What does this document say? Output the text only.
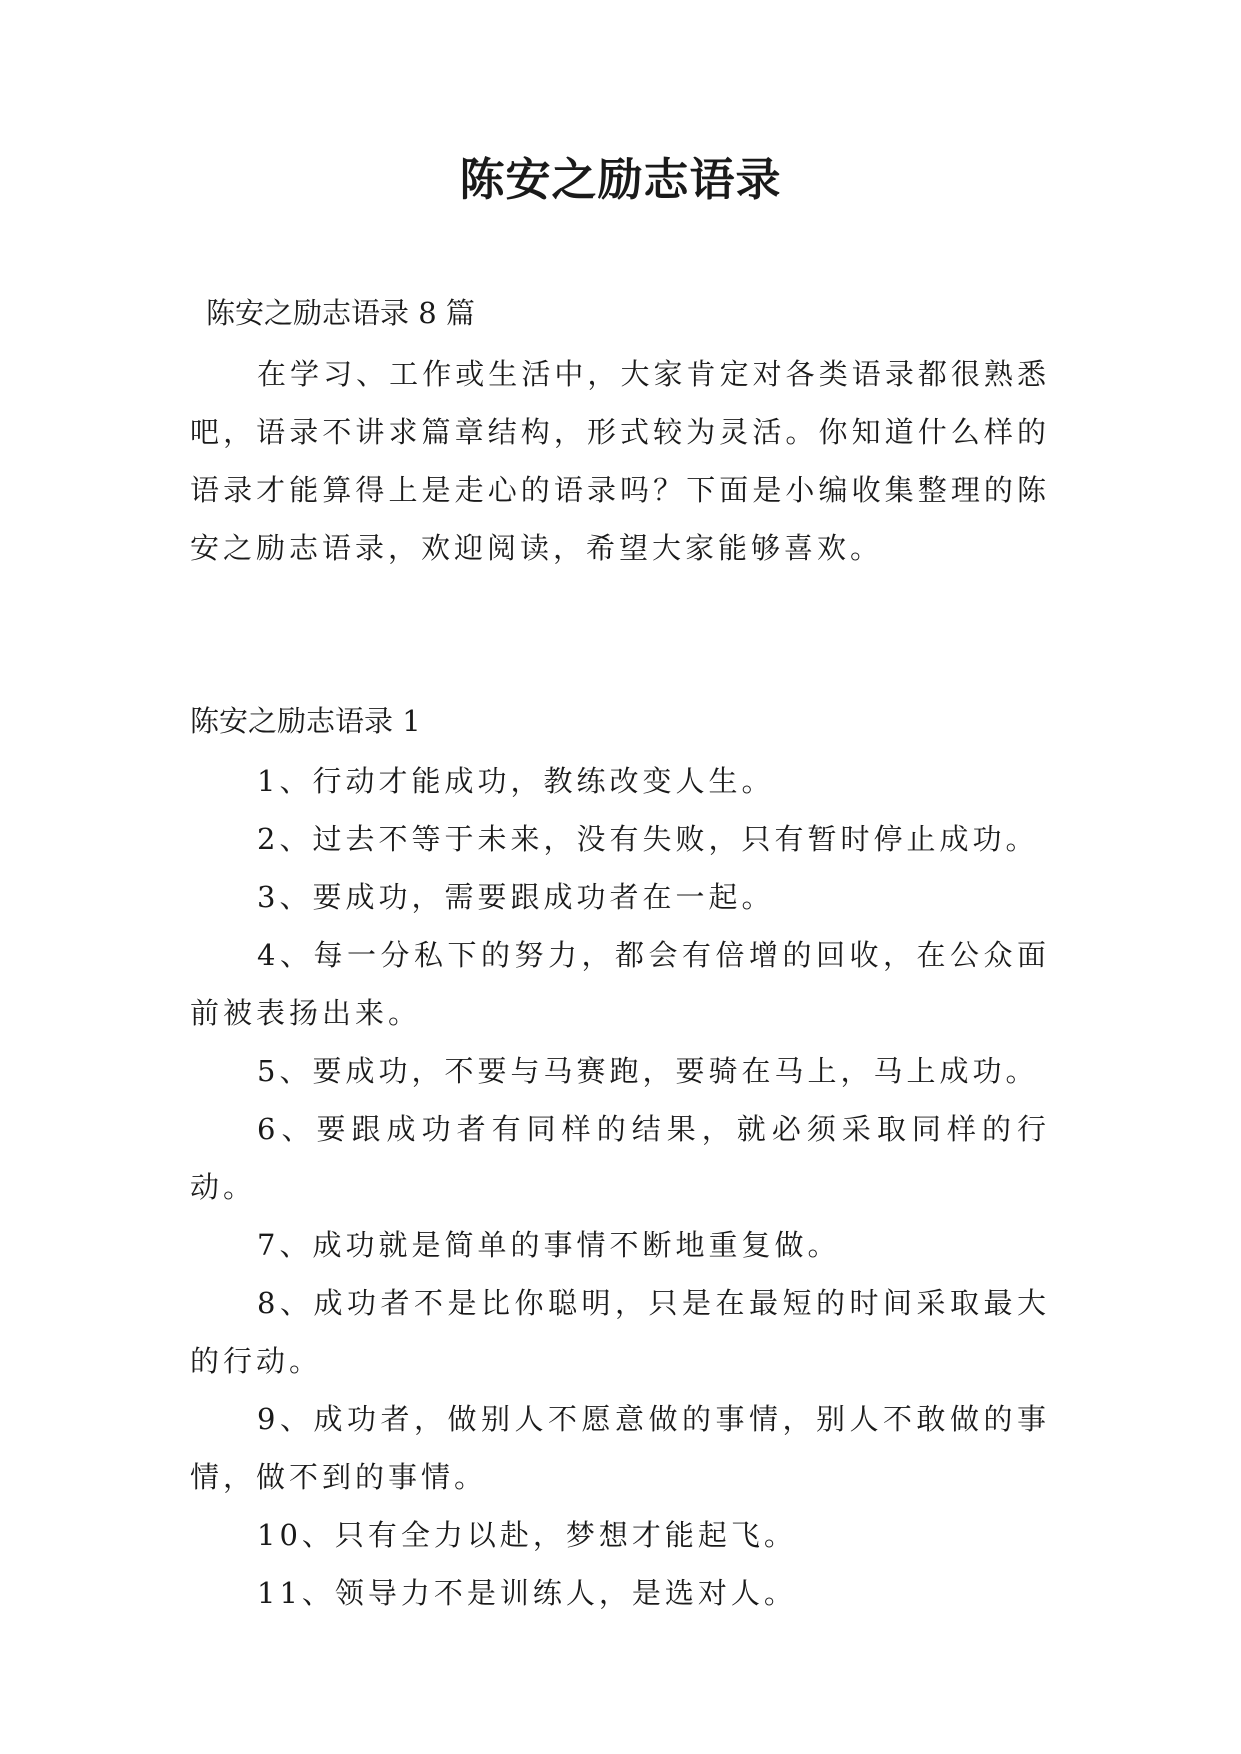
陈安之励志语录

陈安之励志语录 8 篇

在学习、工作或生活中，大家肯定对各类语录都很熟悉吧，语录不讲求篇章结构，形式较为灵活。你知道什么样的语录才能算得上是走心的语录吗？下面是小编收集整理的陈安之励志语录，欢迎阅读，希望大家能够喜欢。

陈安之励志语录 1

1、行动才能成功，教练改变人生。
2、过去不等于未来，没有失败，只有暂时停止成功。
3、要成功，需要跟成功者在一起。
4、每一分私下的努力，都会有倍增的回收，在公众面前被表扬出来。
5、要成功，不要与马赛跑，要骑在马上，马上成功。
6、要跟成功者有同样的结果，就必须采取同样的行动。
7、成功就是简单的事情不断地重复做。
8、成功者不是比你聪明，只是在最短的时间采取最大的行动。
9、成功者，做别人不愿意做的事情，别人不敢做的事情，做不到的事情。
10、只有全力以赴，梦想才能起飞。
11、领导力不是训练人，是选对人。
